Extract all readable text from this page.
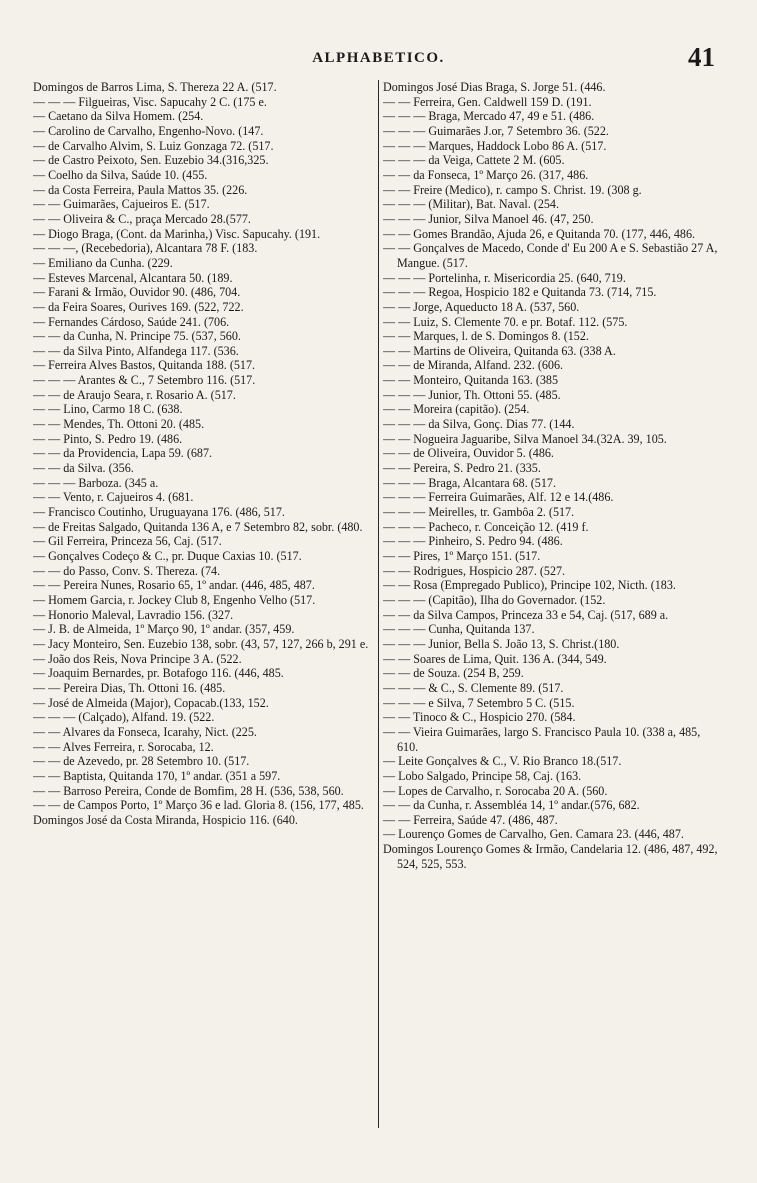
ALPHABETICO.	41

Domingos de Barros Lima, S. Thereza 22 A. (517.

— — — Filgueiras, Visc. Sapucahy 2 C. (175 e.

— Caetano da Silva Homem. (254.

— Carolino de Carvalho, Engenho-Novo. (147.

— de Carvalho Alvim, S. Luiz Gonzaga 72. (517.

— de Castro Peixoto, Sen. Euzebio 34.(316,325.

— Coelho da Silva, Saúde 10. (455.

— da Costa Ferreira, Paula Mattos 35. (226.

— — Guimarães, Cajueiros E. (517.

— — Oliveira & C., praça Mercado 28.(577.

— Diogo Braga, (Cont. da Marinha,) Visc. Sapucahy. (191.

— — —, (Recebedoria), Alcantara 78 F. (183.

— Emiliano da Cunha. (229.

— Esteves Marcenal, Alcantara 50. (189.

— Farani & Irmão, Ouvidor 90. (486, 704.

— da Feira Soares, Ourives 169. (522, 722.

— Fernandes Cárdoso, Saúde 241. (706.

— — da Cunha, N. Principe 75. (537, 560.

— — da Silva Pinto, Alfandega 117. (536.

— Ferreira Alves Bastos, Quitanda 188. (517.

— — — Arantes & C., 7 Setembro 116. (517.

— — de Araujo Seara, r. Rosario A. (517.

— — Lino, Carmo 18 C. (638.

— — Mendes, Th. Ottoni 20. (485.

— — Pinto, S. Pedro 19. (486.

— — da Providencia, Lapa 59. (687.

— — da Silva. (356.

— — — Barboza. (345 a.

— — Vento, r. Cajueiros 4. (681.

— Francisco Coutinho, Uruguayana 176. (486, 517.

— de Freitas Salgado, Quitanda 136 A, e 7 Setembro 82, sobr. (480.

— Gil Ferreira, Princeza 56, Caj. (517.

— Gonçalves Codeço & C., pr. Duque Caxias 10. (517.

— — do Passo, Conv. S. Thereza. (74.

— — Pereira Nunes, Rosario 65, 1º andar. (446, 485, 487.

— Homem Garcia, r. Jockey Club 8, Engenho Velho (517.

— Honorio Maleval, Lavradio 156. (327.

— J. B. de Almeida, 1º Março 90, 1º andar. (357, 459.

— Jacy Monteiro, Sen. Euzebio 138, sobr. (43, 57, 127, 266 b, 291 e.

— João dos Reis, Nova Principe 3 A. (522.

— Joaquim Bernardes, pr. Botafogo 116. (446, 485.

— — Pereira Dias, Th. Ottoni 16. (485.

— José de Almeida (Major), Copacab.(133, 152.

— — — (Calçado), Alfand. 19. (522.

— — Alvares da Fonseca, Icarahy, Nict. (225.

— — Alves Ferreira, r. Sorocaba, 12.

— — de Azevedo, pr. 28 Setembro 10. (517.

— — Baptista, Quitanda 170, 1º andar. (351 a 597.

— — Barroso Pereira, Conde de Bomfim, 28 H. (536, 538, 560.

— — de Campos Porto, 1º Março 36 e lad. Gloria 8. (156, 177, 485.

Domingos José da Costa Miranda, Hospicio 116. (640.

Domingos José Dias Braga, S. Jorge 51. (446.

— — Ferreira, Gen. Caldwell 159 D. (191.

— — — Braga, Mercado 47, 49 e 51. (486.

— — — Guimarães J.or, 7 Setembro 36. (522.

— — — Marques, Haddock Lobo 86 A. (517.

— — — da Veiga, Cattete 2 M. (605.

— — da Fonseca, 1º Março 26. (317, 486.

— — Freire (Medico), r. campo S. Christ. 19. (308 g.

— — — (Militar), Bat. Naval. (254.

— — — Junior, Silva Manoel 46. (47, 250.

— — Gomes Brandão, Ajuda 26, e Quitanda 70. (177, 446, 486.

— — Gonçalves de Macedo, Conde d' Eu 200 A e S. Sebastião 27 A, Mangue. (517.

— — — Portelinha, r. Misericordia 25. (640, 719.

— — — Regoa, Hospicio 182 e Quitanda 73. (714, 715.

— — Jorge, Aqueducto 18 A. (537, 560.

— — Luiz, S. Clemente 70. e pr. Botaf. 112. (575.

— — Marques, l. de S. Domingos 8. (152.

— — Martins de Oliveira, Quitanda 63. (338 A.

— — de Miranda, Alfand. 232. (606.

— — Monteiro, Quitanda 163. (385

— — — Junior, Th. Ottoni 55. (485.

— — Moreira (capitão). (254.

— — — da Silva, Gonç. Dias 77. (144.

— — Nogueira Jaguaribe, Silva Manoel 34.(32A. 39, 105.

— — de Oliveira, Ouvidor 5. (486.

— — Pereira, S. Pedro 21. (335.

— — — Braga, Alcantara 68. (517.

— — — Ferreira Guimarães, Alf. 12 e 14.(486.

— — — Meirelles, tr. Gambôa 2. (517.

— — — Pacheco, r. Conceição 12. (419 f.

— — — Pinheiro, S. Pedro 94. (486.

— — Pires, 1º Março 151. (517.

— — Rodrigues, Hospicio 287. (527.

— — Rosa (Empregado Publico), Principe 102, Nicth. (183.

— — — (Capitão), Ilha do Governador. (152.

— — da Silva Campos, Princeza 33 e 54, Caj. (517, 689 a.

— — — Cunha, Quitanda 137.

— — — Junior, Bella S. João 13, S. Christ.(180.

— — Soares de Lima, Quit. 136 A. (344, 549.

— — de Souza. (254 B, 259.

— — — & C., S. Clemente 89. (517.

— — — e Silva, 7 Setembro 5 C. (515.

— — Tinoco & C., Hospicio 270. (584.

— — Vieira Guimarães, largo S. Francisco Paula 10. (338 a, 485, 610.

— Leite Gonçalves & C., V. Rio Branco 18.(517.

— Lobo Salgado, Principe 58, Caj. (163.

— Lopes de Carvalho, r. Sorocaba 20 A. (560.

— — da Cunha, r. Assembléa 14, 1º andar.(576, 682.

— — Ferreira, Saúde 47. (486, 487.

— Lourenço Gomes de Carvalho, Gen. Camara 23. (446, 487.

Domingos Lourenço Gomes & Irmão, Candelaria 12. (486, 487, 492, 524, 525, 553.
